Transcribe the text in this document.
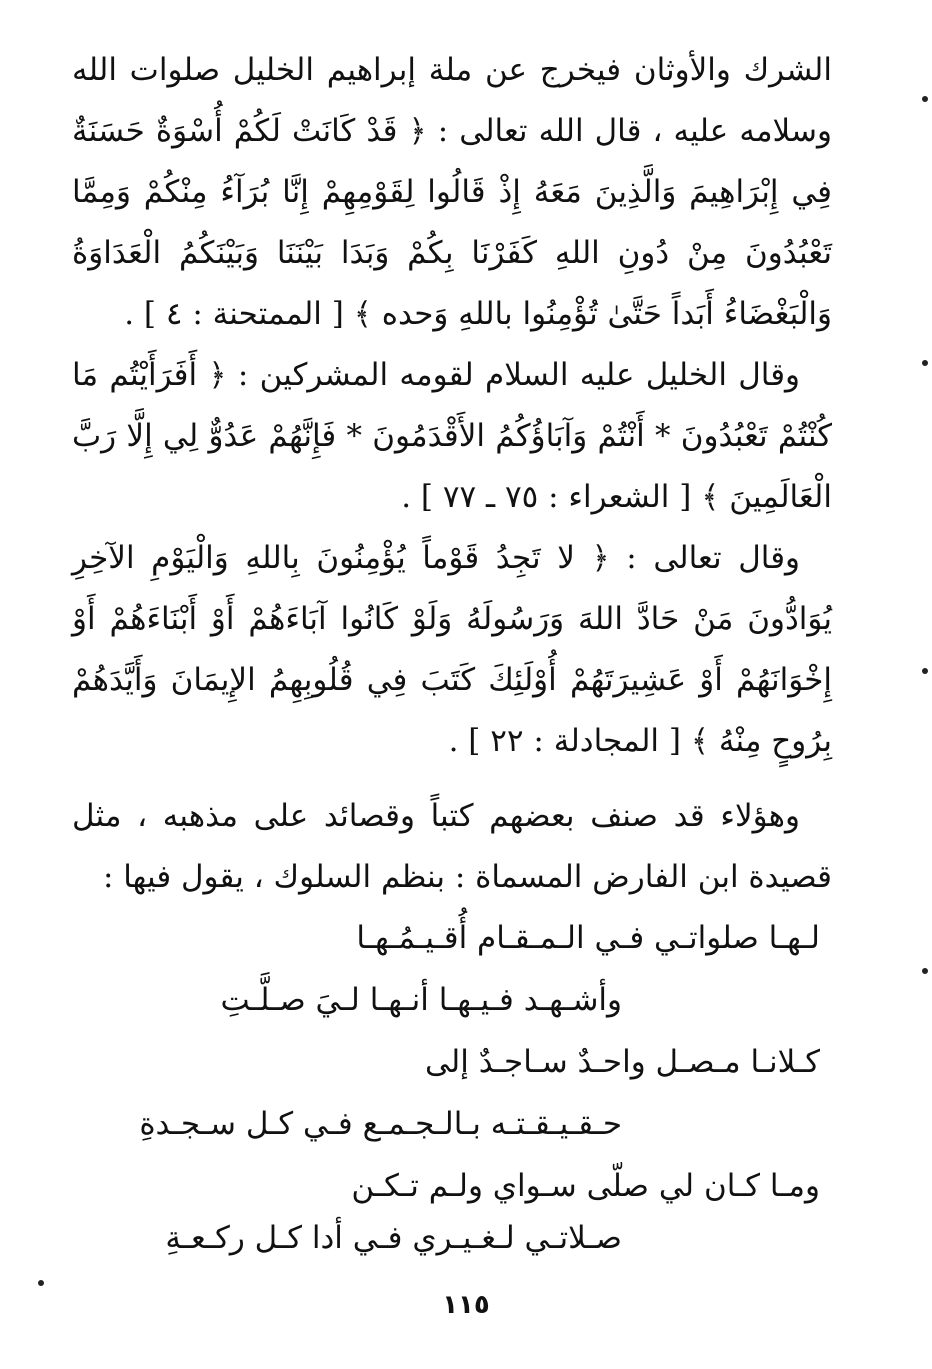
الشرك والأوثان فيخرج عن ملة إبراهيم الخليل صلوات الله وسلامه عليه ، قال الله تعالى : ﴿ قَدْ كَانَتْ لَكُمْ أُسْوَةٌ حَسَنَةٌ فِي إِبْرَاهِيمَ وَالَّذِينَ مَعَهُ إِذْ قَالُوا لِقَوْمِهِمْ إِنَّا بُرَآءُ مِنْكُمْ وَمِمَّا تَعْبُدُونَ مِنْ دُونِ اللهِ كَفَرْنَا بِكُمْ وَبَدَا بَيْنَنَا وَبَيْنَكُمُ الْعَدَاوَةُ وَالْبَغْضَاءُ أَبَداً حَتَّىٰ تُؤْمِنُوا باللهِ وَحده ﴾ [ الممتحنة : ٤ ] .

وقال الخليل عليه السلام لقومه المشركين : ﴿ أَفَرَأَيْتُم مَا كُنْتُمْ تَعْبُدُونَ * أَنْتُمْ وَآبَاؤُكُمُ الأَقْدَمُونَ * فَإِنَّهُمْ عَدُوٌّ لِي إِلَّا رَبَّ الْعَالَمِينَ ﴾ [ الشعراء : ٧٥ ـ ٧٧ ] .

وقال تعالى : ﴿ لا تَجِدُ قَوْماً يُؤْمِنُونَ بِاللهِ وَالْيَوْمِ الآخِرِ يُوَادُّونَ مَنْ حَادَّ اللهَ وَرَسُولَهُ وَلَوْ كَانُوا آبَاءَهُمْ أَوْ أَبْنَاءَهُمْ أَوْ إِخْوَانَهُمْ أَوْ عَشِيرَتَهُمْ أُوْلَئِكَ كَتَبَ فِي قُلُوبِهِمُ الإِيمَانَ وَأَيَّدَهُمْ بِرُوحٍ مِنْهُ ﴾ [ المجادلة : ٢٢ ] .

وهؤلاء قد صنف بعضهم كتباً وقصائد على مذهبه ، مثل قصيدة ابن الفارض المسماة : بنظم السلوك ، يقول فيها :

لـهـا صلواتـي فـي الـمـقـام أُقـيـمُـهـا
وأشـهـد فـيـهـا أنـهـا لـيَ صـلَّـتِ
كـلانـا مـصـل واحـدٌ سـاجـدٌ إلى
حـقـيـقـتـه بـالـجـمـع فـي كـل سـجـدةِ
ومـا كـان لي صلّى سـواي ولـم تـكـن
صـلاتـي لـغـيـري فـي أدا كـل ركـعـةِ
١١٥
